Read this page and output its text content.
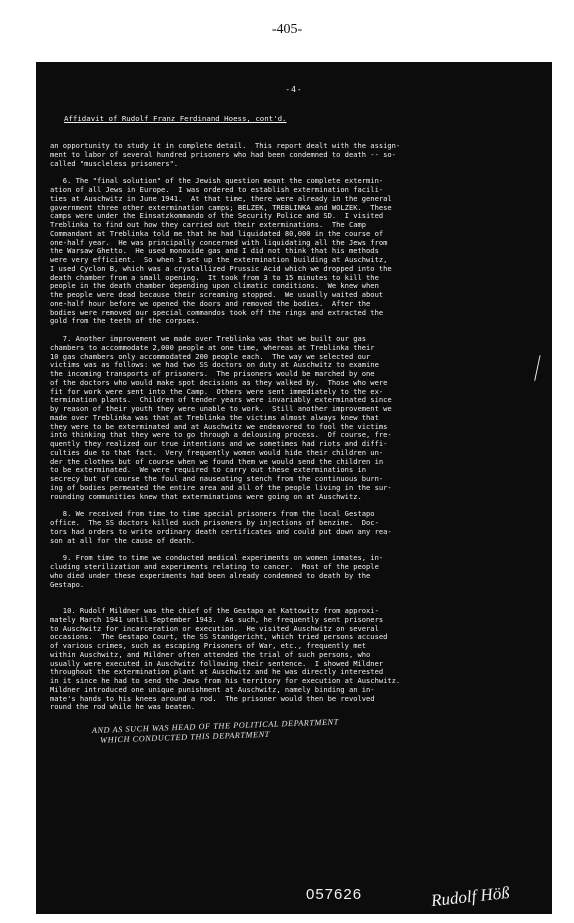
-405-
-4-
Affidavit of Rudolf Franz Ferdinand Hoess, cont'd.

an opportunity to study it in complete detail.  This report dealt with the assign-
ment to labor of several hundred prisoners who had been condemned to death -- so-
called "muscleless prisoners".

6. The "final solution" of the Jewish question meant the complete extermin-
ation of all Jews in Europe.  I was ordered to establish extermination facili-
ties at Auschwitz in June 1941.  At that time, there were already in the general
government three other extermination camps; BELZEK, TREBLINKA and WOLZEK.  These
camps were under the Einsatzkommando of the Security Police and SD.  I visited
Treblinka to find out how they carried out their exterminations.  The Camp
Commandant at Treblinka told me that he had liquidated 80,000 in the course of
one-half year.  He was principally concerned with liquidating all the Jews from
the Warsaw Ghetto.  He used monoxide gas and I did not think that his methods
were very efficient.  So when I set up the extermination building at Auschwitz,
I used Cyclon B, which was a crystallized Prussic Acid which we dropped into the
death chamber from a small opening.  It took from 3 to 15 minutes to kill the
people in the death chamber depending upon climatic conditions.  We knew when
the people were dead because their screaming stopped.  We usually waited about
one-half hour before we opened the doors and removed the bodies.  After the
bodies were removed our special commandos took off the rings and extracted the
gold from the teeth of the corpses.

7. Another improvement we made over Treblinka was that we built our gas
chambers to accommodate 2,000 people at one time, whereas at Treblinka their
10 gas chambers only accommodated 200 people each.  The way we selected our
victims was as follows: we had two SS doctors on duty at Auschwitz to examine
the incoming transports of prisoners.  The prisoners would be marched by one
of the doctors who would make spot decisions as they walked by.  Those who were
fit for work were sent into the Camp.  Others were sent immediately to the ex-
termination plants.  Children of tender years were invariably exterminated since
by reason of their youth they were unable to work.  Still another improvement we
made over Treblinka was that at Treblinka the victims almost always knew that
they were to be exterminated and at Auschwitz we endeavored to fool the victims
into thinking that they were to go through a delousing process.  Of course, fre-
quently they realized our true intentions and we sometimes had riots and diffi-
culties due to that fact.  Very frequently women would hide their children un-
der the clothes but of course when we found them we would send the children in
to be exterminated.  We were required to carry out these exterminations in
secrecy but of course the foul and nauseating stench from the continuous burn-
ing of bodies permeated the entire area and all of the people living in the sur-
rounding communities knew that exterminations were going on at Auschwitz.

8. We received from time to time special prisoners from the local Gestapo
office.  The SS doctors killed such prisoners by injections of benzine.  Doc-
tors had orders to write ordinary death certificates and could put down any rea-
son at all for the cause of death.

9. From time to time we conducted medical experiments on women inmates, in-
cluding sterilization and experiments relating to cancer.  Most of the people
who died under these experiments had been already condemned to death by the
Gestapo.

10. Rudolf Mildner was the chief of the Gestapo at Kattowitz from approxi-
mately March 1941 until September 1943.  As such, he frequently sent prisoners
to Auschwitz for incarceration or execution.  He visited Auschwitz on several
occasions.  The Gestapo Court, the SS Standgericht, which tried persons accused
of various crimes, such as escaping Prisoners of War, etc., frequently met
within Auschwitz, and Mildner often attended the trial of such persons, who
usually were executed in Auschwitz following their sentence.  I showed Mildner
throughout the extermination plant at Auschwitz and he was directly interested
in it since he had to send the Jews from his territory for execution at Auschwitz.
Mildner introduced one unique punishment at Auschwitz, namely binding an in-
mate's hands to his knees around a rod.  The prisoner would then be revolved
round the rod while he was beaten.

AND AS SUCH WAS HEAD OF THE POLITICAL DEPARTMENT
WHICH CONDUCTED THIS DEPARTMENT
057626	Rudolf Höß
